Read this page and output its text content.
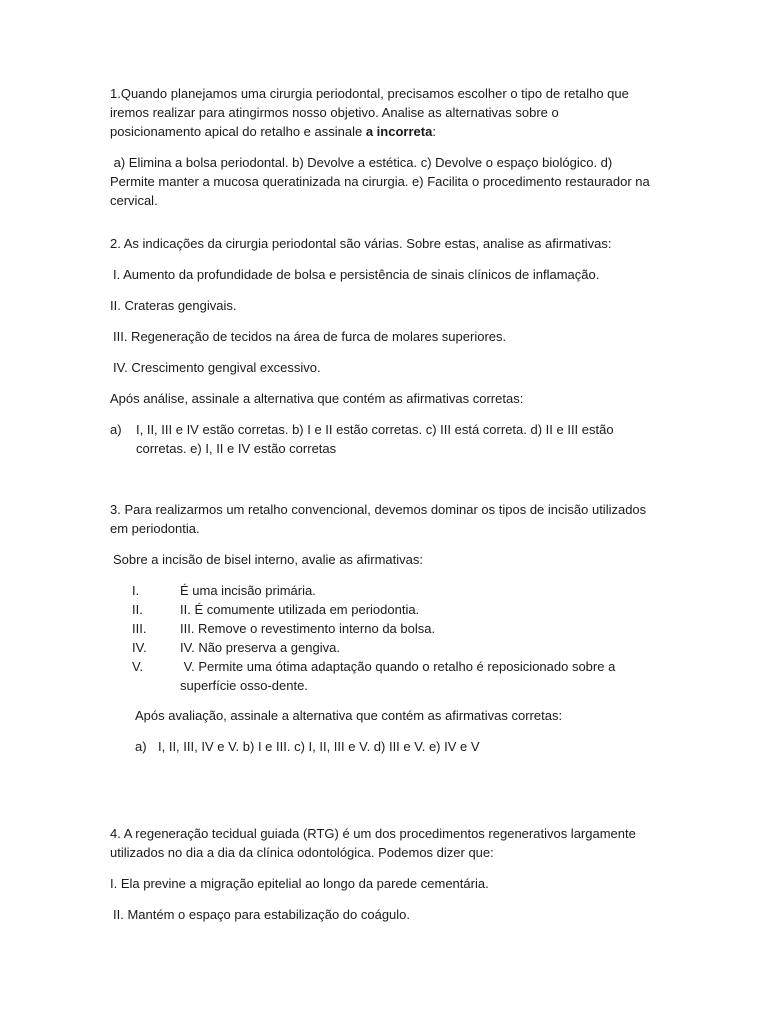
1.Quando planejamos uma cirurgia periodontal, precisamos escolher o tipo de retalho que iremos realizar para atingirmos nosso objetivo. Analise as alternativas sobre o posicionamento apical do retalho e assinale a incorreta:

a) Elimina a bolsa periodontal. b) Devolve a estética. c) Devolve o espaço biológico. d) Permite manter a mucosa queratinizada na cirurgia. e) Facilita o procedimento restaurador na cervical.

2. As indicações da cirurgia periodontal são várias. Sobre estas, analise as afirmativas:

I. Aumento da profundidade de bolsa e persistência de sinais clínicos de inflamação.

II. Crateras gengivais.

III. Regeneração de tecidos na área de furca de molares superiores.

IV. Crescimento gengival excessivo.

Após análise, assinale a alternativa que contém as afirmativas corretas:

a) I, II, III e IV estão corretas. b) I e II estão corretas. c) III está correta. d) II e III estão corretas. e) I, II e IV estão corretas

3. Para realizarmos um retalho convencional, devemos dominar os tipos de incisão utilizados em periodontia.

Sobre a incisão de bisel interno, avalie as afirmativas:

I.	É uma incisão primária.
II.	II. É comumente utilizada em periodontia.
III.	III. Remove o revestimento interno da bolsa.
IV.	IV. Não preserva a gengiva.
V.	V. Permite uma ótima adaptação quando o retalho é reposicionado sobre a superfície osso-dente.

Após avaliação, assinale a alternativa que contém as afirmativas corretas:

a) I, II, III, IV e V. b) I e III. c) I, II, III e V. d) III e V. e) IV e V

4. A regeneração tecidual guiada (RTG) é um dos procedimentos regenerativos largamente utilizados no dia a dia da clínica odontológica. Podemos dizer que:

I. Ela previne a migração epitelial ao longo da parede cementária.

II. Mantém o espaço para estabilização do coágulo.
